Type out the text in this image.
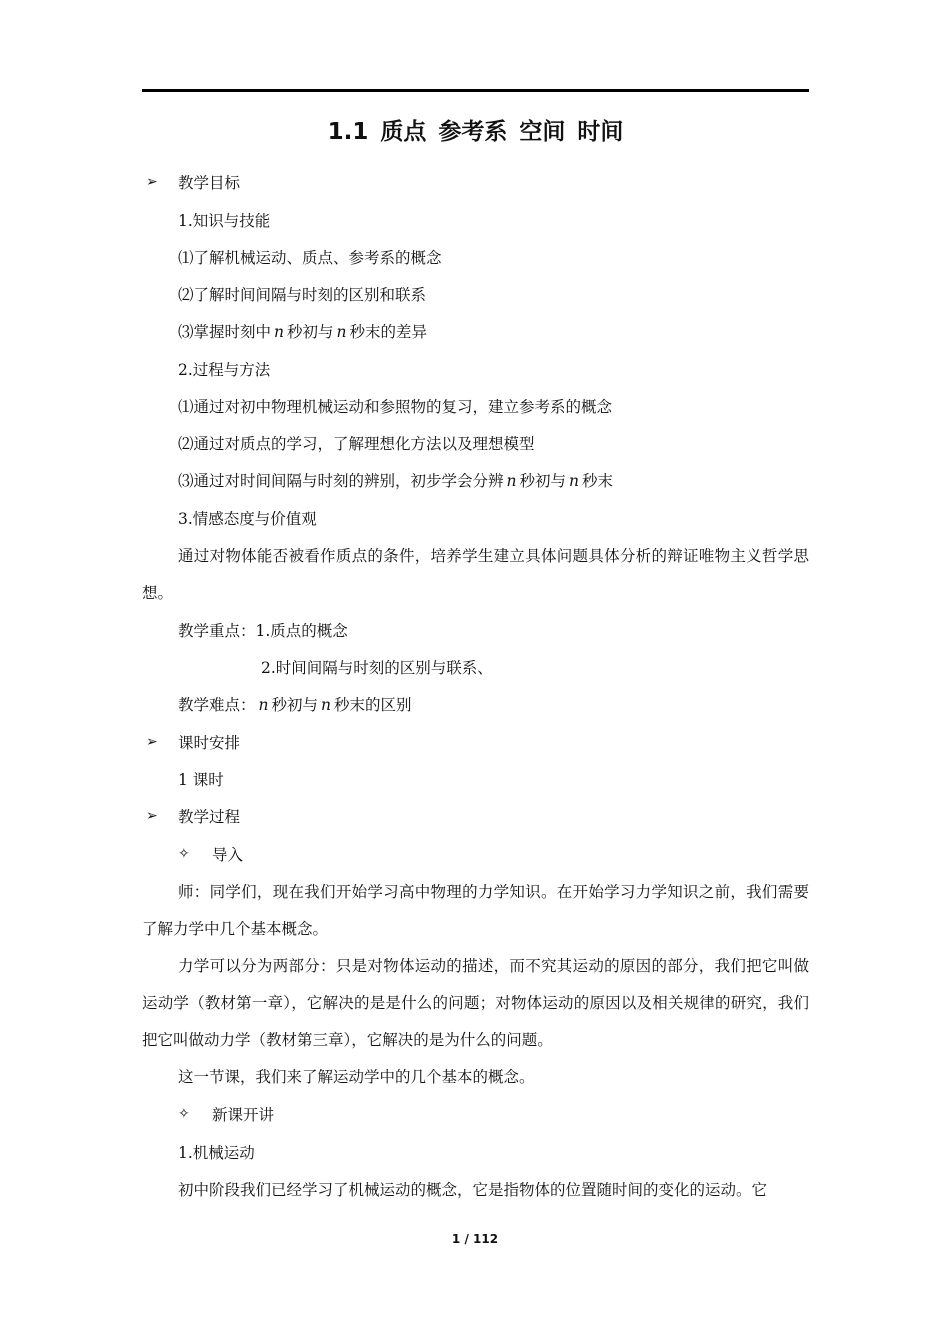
1.1 质点 参考系 空间 时间
➢ 教学目标
1.知识与技能
⑴了解机械运动、质点、参考系的概念
⑵了解时间间隔与时刻的区别和联系
⑶掌握时刻中 n 秒初与 n 秒末的差异
2.过程与方法
⑴通过对初中物理机械运动和参照物的复习，建立参考系的概念
⑵通过对质点的学习，了解理想化方法以及理想模型
⑶通过对时间间隔与时刻的辨别，初步学会分辨 n 秒初与 n 秒末
3.情感态度与价值观
通过对物体能否被看作质点的条件，培养学生建立具体问题具体分析的辩证唯物主义哲学思想。
教学重点：1.质点的概念
2.时间间隔与时刻的区别与联系、
教学难点： n 秒初与 n 秒末的区别
➢ 课时安排
1 课时
➢ 教学过程
✧ 导入
师：同学们，现在我们开始学习高中物理的力学知识。在开始学习力学知识之前，我们需要了解力学中几个基本概念。
力学可以分为两部分：只是对物体运动的描述，而不究其运动的原因的部分，我们把它叫做运动学（教材第一章），它解决的是是什么的问题；对物体运动的原因以及相关规律的研究，我们把它叫做动力学（教材第三章），它解决的是为什么的问题。
这一节课，我们来了解运动学中的几个基本的概念。
✧ 新课开讲
1.机械运动
初中阶段我们已经学习了机械运动的概念，它是指物体的位置随时间的变化的运动。它
1 / 112
